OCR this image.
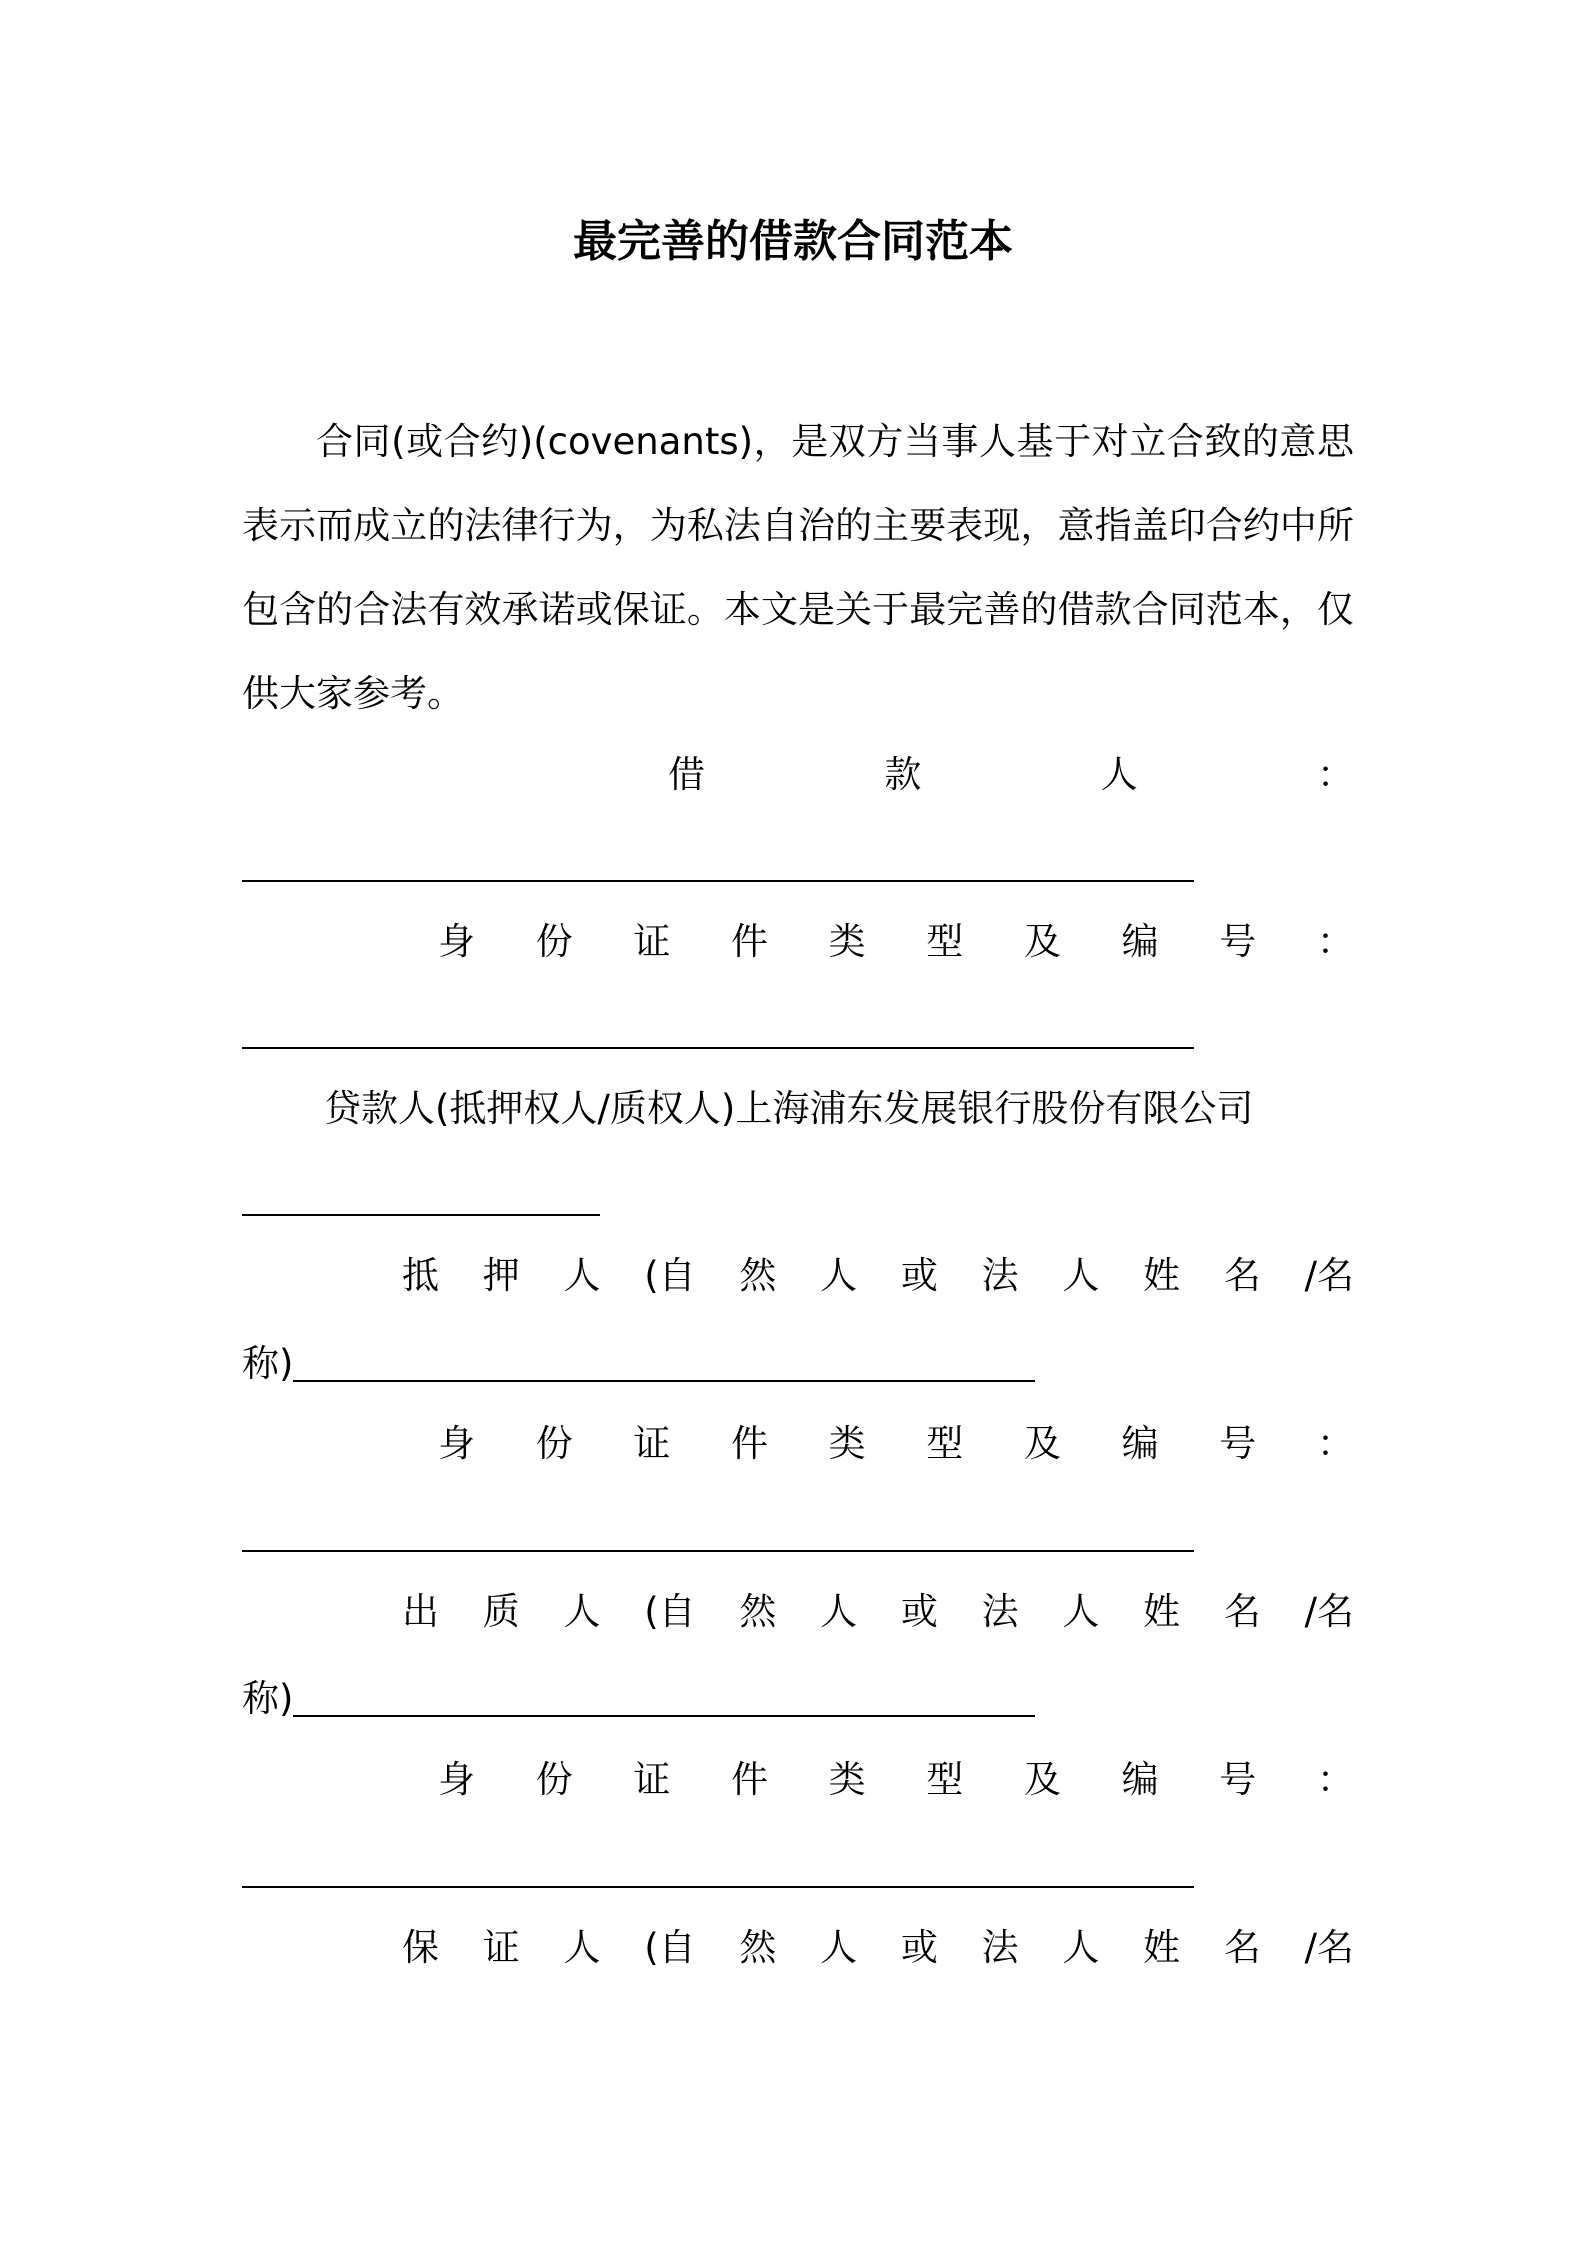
最完善的借款合同范本

合同(或合约)(covenants)，是双方当事人基于对立合致的意思表示而成立的法律行为，为私法自治的主要表现，意指盖印合约中所包含的合法有效承诺或保证。本文是关于最完善的借款合同范本，仅供大家参考。

借	款	人	：
身 份 证 件 类 型 及 编 号 ：
贷款人(抵押权人/质权人)上海浦东发展银行股份有限公司
抵 押 人 (自 然 人 或 法 人 姓 名 /名
称)
身 份 证 件 类 型 及 编 号 ：
出 质 人 (自 然 人 或 法 人 姓 名 /名
称)
身 份 证 件 类 型 及 编 号 ：
保 证 人 (自 然 人 或 法 人 姓 名 /名
